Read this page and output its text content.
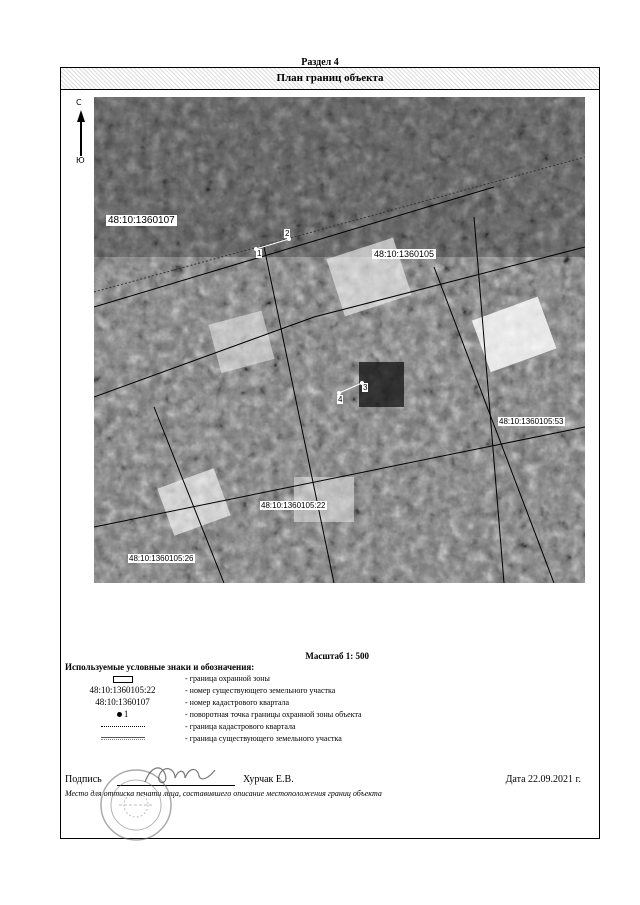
Раздел 4
План границ объекта
С
Ю
48:10:1360107
48:10:1360105
48:10:1360105:53
48:10:1360105:22
48:10:1360105:26
1
2
3
4
Масштаб 1: 500
Используемые условные знаки и обозначения:
- граница охранной зоны
48:10:1360105:22	- номер существующего земельного участка
48:10:1360107	- номер кадастрового квартала
1	- поворотная точка границы охранной зоны объекта
- граница кадастрового квартала
- граница существующего земельного участка
Подпись	Хурчак Е.В.	Дата 22.09.2021 г.
Место для оттиска печати лица, составившего описание местоположения границ объекта
